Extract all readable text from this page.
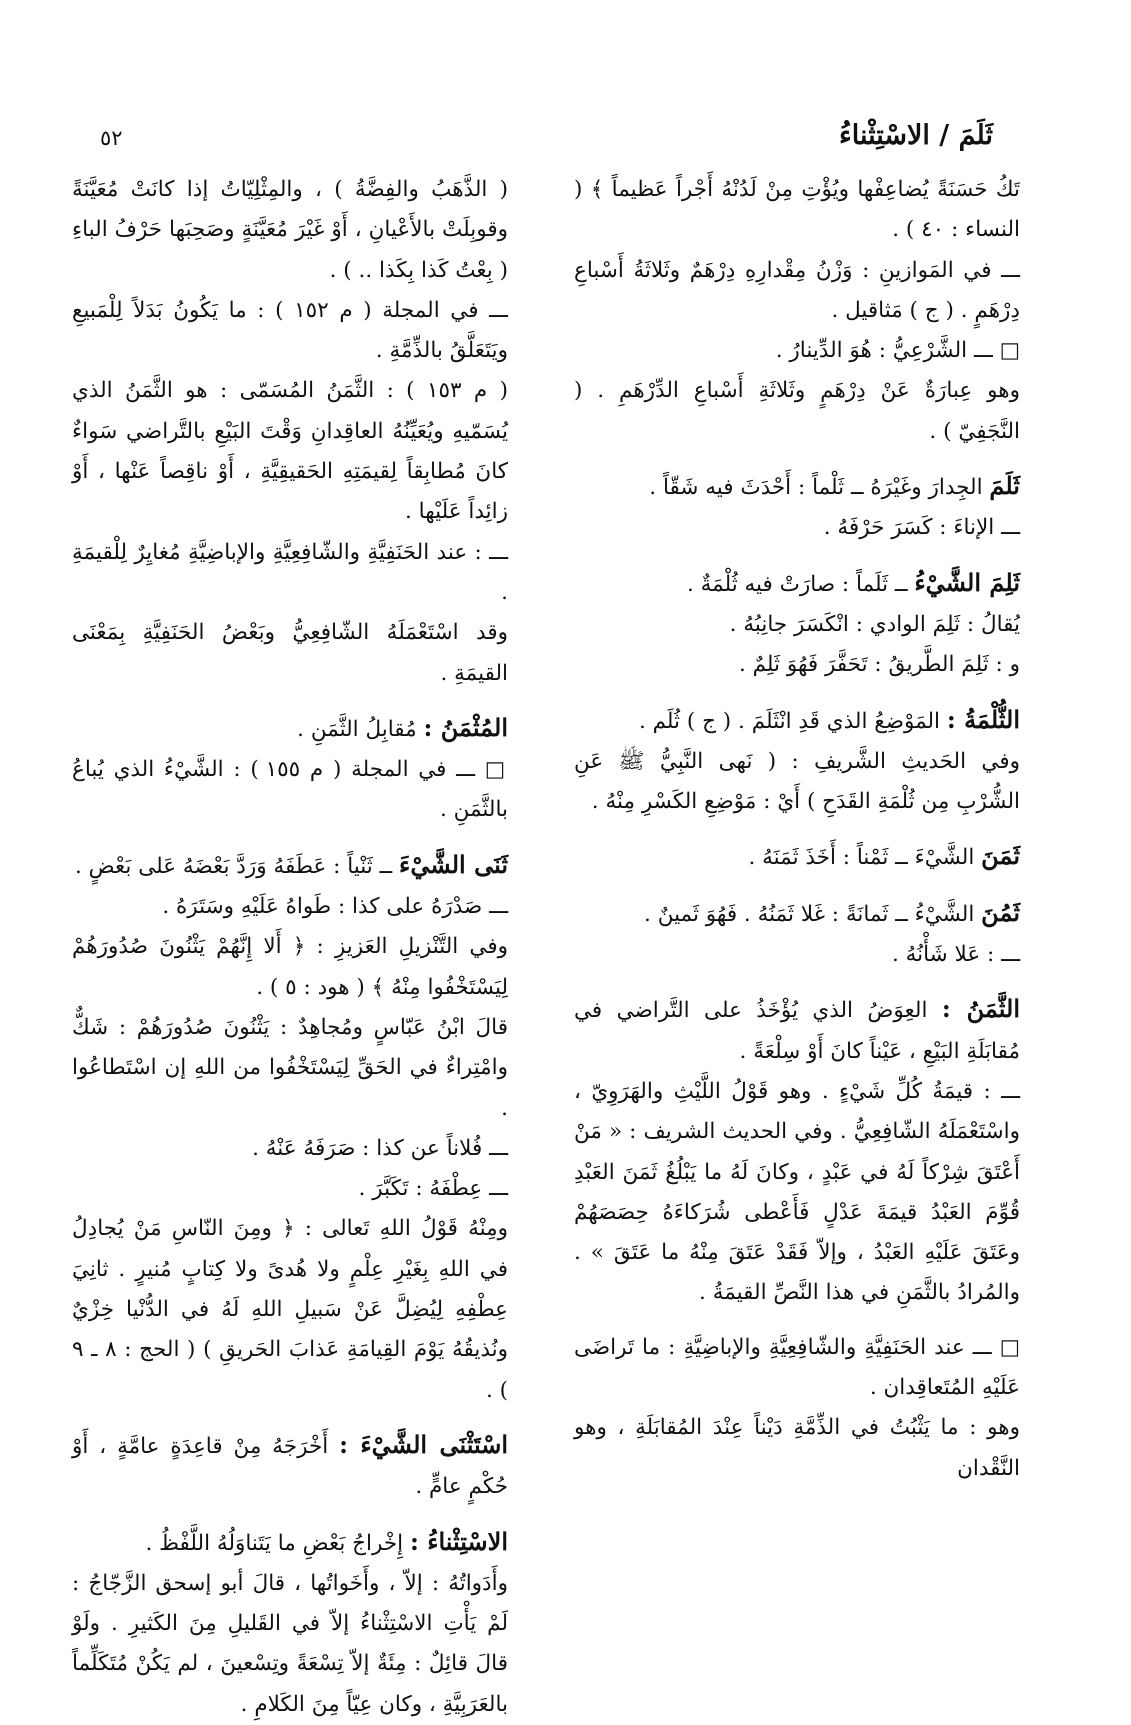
٥٢	ثَلَمَ / الاسْتِثْناءُ

تَكُ حَسَنَةً يُضاعِفْها ويُؤْتِ مِنْ لَدُنْهُ أَجْراً عَظيماً ﴾ ( النساء : ٤٠ ) .

ـــ في المَوازينِ : وَزْنُ مِقْدارِهِ دِرْهَمٌ وثَلاثَةُ أَسْباعِ دِرْهَمٍ . ( ج ) مَثاقيل .

□ ـــ الشَّرْعِيُّ : هُوَ الدِّينارُ .

وهو عِبارَةٌ عَنْ دِرْهَمٍ وثَلاثَةِ أَسْباعِ الدِّرْهَمِ . ( النَّجَفِيّ ) .

ثَلَمَ الجِدارَ وغَيْرَهُ ــ ثَلْماً : أَحْدَثَ فيه شَقّاً .

ـــ الإناءَ : كَسَرَ حَرْفَهُ .

ثَلِمَ الشَّيْءُ ــ ثَلَماً : صارَتْ فيه ثُلْمَةٌ .

يُقالُ : ثَلِمَ الوادي : انْكَسَرَ جانِبُهُ .

و : ثَلِمَ الطَّريقُ : تَحَفَّرَ فَهُوَ ثَلِمٌ .

الثُّلْمَةُ : المَوْضِعُ الذي قَدِ انْثَلَمَ . ( ج ) ثُلَم .

وفي الحَديثِ الشَّريفِ : ( نَهى النَّبِيُّ ﷺ عَنِ الشُّرْبِ مِن ثُلْمَةِ القَدَحِ ) أَيْ : مَوْضِعِ الكَسْرِ مِنْهُ .

ثَمَنَ الشَّيْءَ ــ ثَمْناً : أَخَذَ ثَمَنَهُ .

ثَمُنَ الشَّيْءُ ــ ثَمانَةً : غَلا ثَمَنُهُ . فَهُوَ ثَمينٌ .

ـــ : عَلا شَأْنُهُ .

الثَّمَنُ : العِوَضُ الذي يُؤْخَذُ على التَّراضي في مُقابَلَةِ البَيْعِ ، عَيْناً كانَ أَوْ سِلْعَةً .

ـــ : قيمَةُ كُلِّ شَيْءٍ . وهو قَوْلُ اللَّيْثِ والهَرَوِيّ ، واسْتَعْمَلَهُ الشّافِعِيُّ . وفي الحديث الشريف : « مَنْ أَعْتَقَ شِرْكاً لَهُ في عَبْدٍ ، وكانَ لَهُ ما يَبْلُغُ ثَمَنَ العَبْدِ قُوِّمَ العَبْدُ قيمَةَ عَدْلٍ فَأَعْطى شُرَكاءَهُ حِصَصَهُمْ وعَتَقَ عَلَيْهِ العَبْدُ ، وإلاّ فَقَدْ عَتَقَ مِنْهُ ما عَتَقَ » . والمُرادُ بالثَّمَنِ في هذا النَّصِّ القيمَةُ .

□ ـــ عند الحَنَفِيَّةِ والشّافِعِيَّةِ والإباضِيَّةِ : ما تَراضَى عَلَيْهِ المُتَعاقِدان .

وهو : ما يَثْبُتُ في الذِّمَّةِ دَيْناً عِنْدَ المُقابَلَةِ ، وهو النَّقْدان

( الذَّهَبُ والفِضَّةُ ) ، والمِثْلِيّاتُ إذا كانَتْ مُعَيَّنَةً وقوبِلَتْ بالأَعْيانِ ، أَوْ غَيْرَ مُعَيَّنَةٍ وصَحِبَها حَرْفُ الباءِ ( بِعْتُ كَذا بِكَذا .. ) .

ـــ في المجلة ( م ١٥٢ ) : ما يَكُونُ بَدَلاً لِلْمَبيعِ ويَتَعَلَّقُ بالذِّمَّةِ .

( م ١٥٣ ) : الثَّمَنُ المُسَمّى : هو الثَّمَنُ الذي يُسَمّيهِ ويُعَيِّنُهُ العاقِدانِ وَقْتَ البَيْعِ بالتَّراضي سَواءٌ كانَ مُطابِقاً لِقيمَتِهِ الحَقيقِيَّةِ ، أَوْ ناقِصاً عَنْها ، أَوْ زائِداً عَلَيْها .

ـــ : عند الحَنَفِيَّةِ والشّافِعِيَّةِ والإباضِيَّةِ مُغايِرٌ لِلْقيمَةِ .

وقد اسْتَعْمَلَهُ الشّافِعِيُّ وبَعْضُ الحَنَفِيَّةِ بِمَعْنَى القيمَةِ .

المُثْمَنُ : مُقابِلُ الثَّمَنِ .

□ ـــ في المجلة ( م ١٥٥ ) : الشَّيْءُ الذي يُباعُ بالثَّمَنِ .

ثَنَى الشَّيْءَ ــ ثَنْياً : عَطَفَهُ وَرَدَّ بَعْضَهُ عَلى بَعْضٍ .

ـــ صَدْرَهُ على كذا : طَواهُ عَلَيْهِ وسَتَرَهُ .

وفي التَّنْزيلِ العَزيزِ : ﴿ أَلا إِنَّهُمْ يَثْنُونَ صُدُورَهُمْ لِيَسْتَخْفُوا مِنْهُ ﴾ ( هود : ٥ ) .

قالَ ابْنُ عَبّاسٍ ومُجاهِدٌ : يَثْنُونَ صُدُورَهُمْ : شَكٌّ وامْتِراءٌ في الحَقِّ لِيَسْتَخْفُوا من اللهِ إن اسْتَطاعُوا .

ـــ فُلاناً عن كذا : صَرَفَهُ عَنْهُ .

ـــ عِطْفَهُ : تَكَبَّرَ .

ومِنْهُ قَوْلُ اللهِ تَعالى : ﴿ ومِنَ النّاسِ مَنْ يُجادِلُ في اللهِ بِغَيْرِ عِلْمٍ ولا هُدىً ولا كِتابٍ مُنيرٍ . ثانِيَ عِطْفِهِ لِيُضِلَّ عَنْ سَبيلِ اللهِ لَهُ في الدُّنْيا خِزْيٌ ونُذيقُهُ يَوْمَ القِيامَةِ عَذابَ الحَريقِ ) ( الحج : ٨ ـ ٩ ) .

اسْتَثْنَى الشَّيْءَ : أَخْرَجَهُ مِنْ قاعِدَةٍ عامَّةٍ ، أَوْ حُكْمٍ عامٍّ .

الاسْتِثْناءُ : إِخْراجُ بَعْضِ ما يَتَناوَلُهُ اللَّفْظُ .

وأَدَواتُهُ : إلاّ ، وأَخَواتُها ، قالَ أبو إسحق الزَّجّاجُ : لَمْ يَأْتِ الاسْتِثْناءُ إلاّ في القَليلِ مِنَ الكَثيرِ . ولَوْ قالَ قائِلٌ : مِئَةٌ إلاّ تِسْعَةً وتِسْعينَ ، لم يَكُنْ مُتَكَلِّماً بالعَرَبِيَّةِ ، وكان عِيّاً مِنَ الكَلامِ .
